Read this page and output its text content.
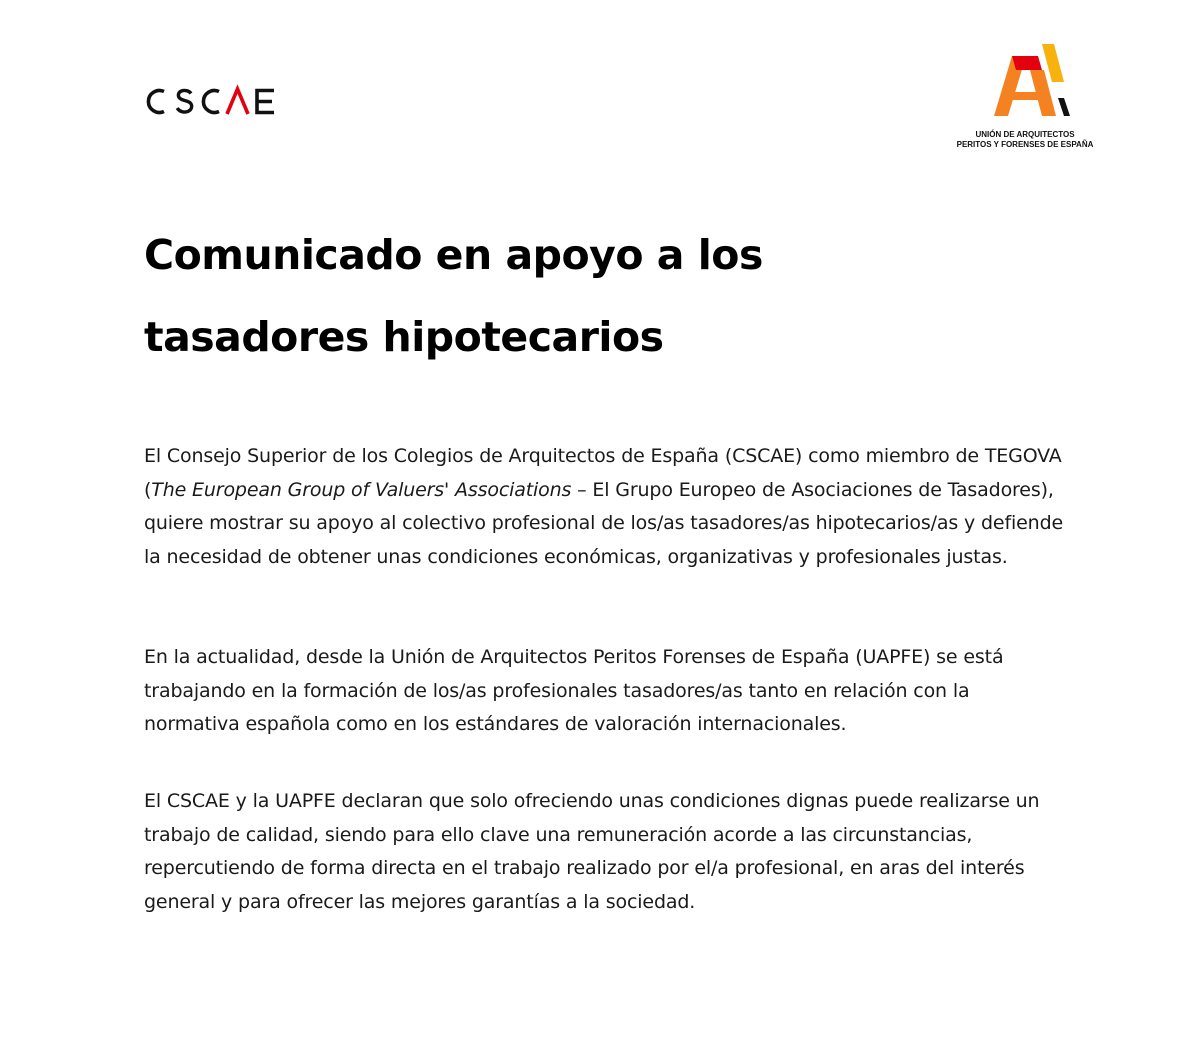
UNIÓN DE ARQUITECTOS
PERITOS Y FORENSES DE ESPAÑA
Comunicado en apoyo a los
tasadores hipotecarios

El Consejo Superior de los Colegios de Arquitectos de España (CSCAE) como miembro de TEGOVA (The European Group of Valuers' Associations – El Grupo Europeo de Asociaciones de Tasadores), quiere mostrar su apoyo al colectivo profesional de los/as tasadores/as hipotecarios/as y defiende la necesidad de obtener unas condiciones económicas, organizativas y profesionales justas.

En la actualidad, desde la Unión de Arquitectos Peritos Forenses de España (UAPFE) se está trabajando en la formación de los/as profesionales tasadores/as tanto en relación con la normativa española como en los estándares de valoración internacionales.

El CSCAE y la UAPFE declaran que solo ofreciendo unas condiciones dignas puede realizarse un trabajo de calidad, siendo para ello clave una remuneración acorde a las circunstancias, repercutiendo de forma directa en el trabajo realizado por el/a profesional, en aras del interés general y para ofrecer las mejores garantías a la sociedad.
